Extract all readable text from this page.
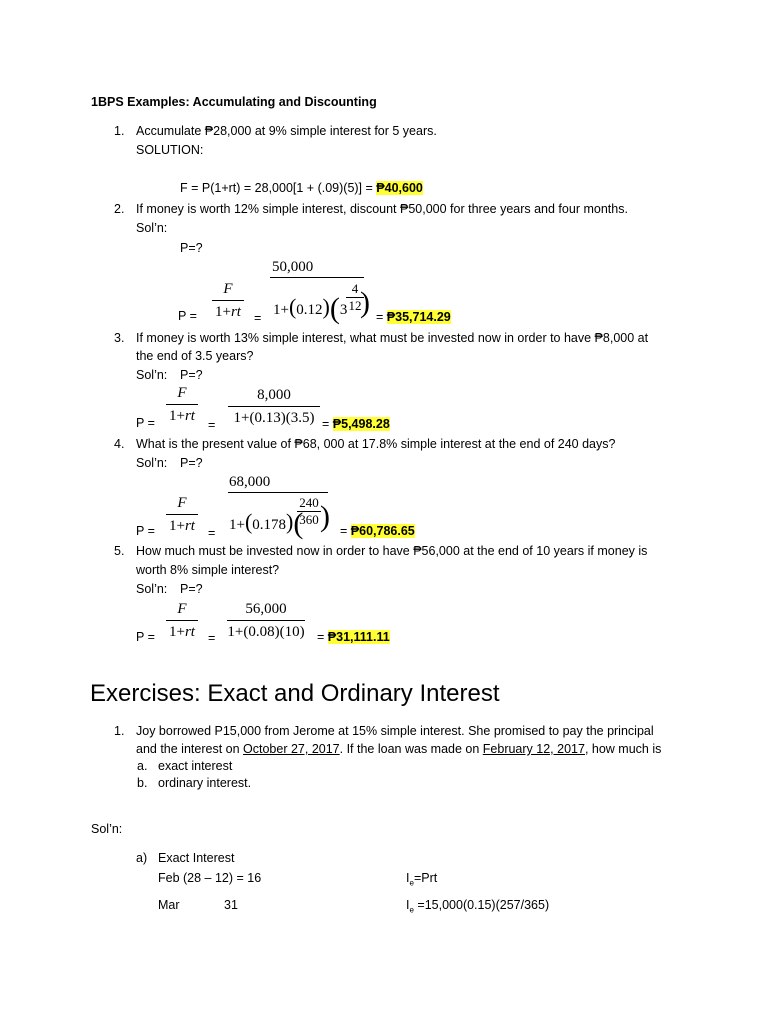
1BPS Examples: Accumulating and Discounting
1. Accumulate ₱28,000 at 9% simple interest for 5 years.
SOLUTION:
F = P(1+rt) = 28,000[1 + (.09)(5)] = ₱40,600
2. If money is worth 12% simple interest, discount ₱50,000 for three years and four months.
Sol’n:
P=?
P =
F
1+rt =
50,000
1+(0.12)(3
4
12
) = ₱35,714.29
3. If money is worth 13% simple interest, what must be invested now in order to have ₱8,000 at
the end of 3.5 years?
Sol’n: P=?
P =
F
1+rt
=
8,000
1+(0.13)(3.5) = ₱5,498.28
4. What is the present value of ₱68, 000 at 17.8% simple interest at the end of 240 days?
Sol’n: P=?
P =
F
1+rt =
68,000
1+(0.178)(
240
360 ) = ₱60,786.65
5. How much must be invested now in order to have ₱56,000 at the end of 10 years if money is
worth 8% simple interest?
Sol’n: P=?
P =
F
1+rt =
56,000
1+(0.08)(10) = ₱31,111.11
Exercises: Exact and Ordinary Interest
1. Joy borrowed P15,000 from Jerome at 15% simple interest. She promised to pay the principal
and the interest on October 27, 2017. If the loan was made on February 12, 2017, how much is
a. exact interest
b. ordinary interest.
Sol’n:
a) Exact Interest
Feb (28 – 12) = 16	$I_e=Prt$
Mar	31	$I_e =15,000(0.15)(257/365)$
